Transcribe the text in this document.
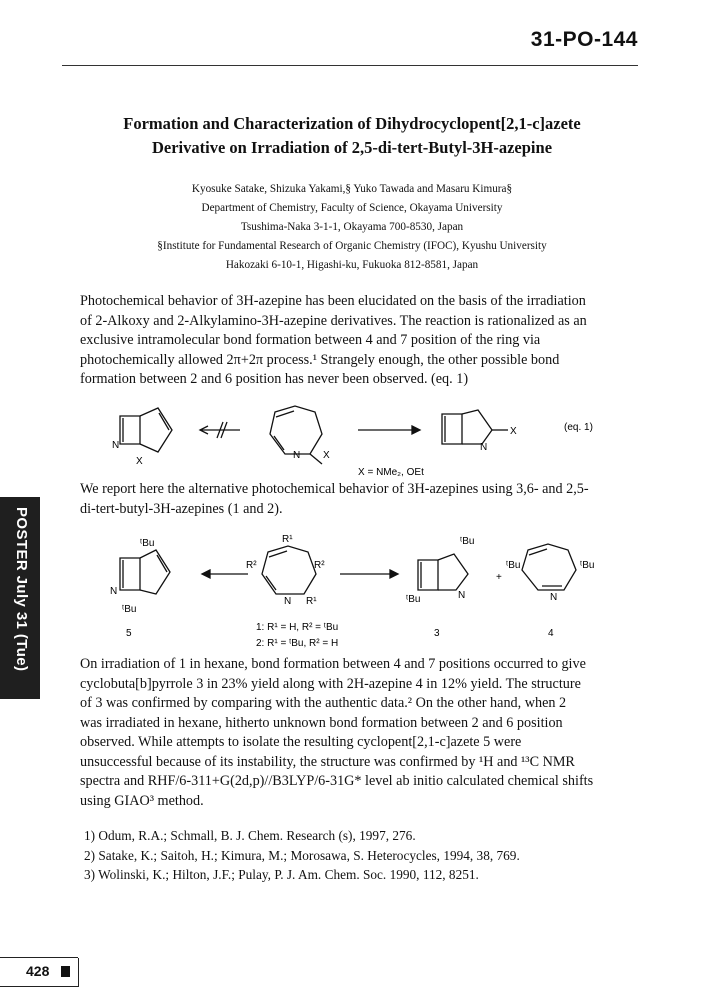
31-PO-144
Formation and Characterization of Dihydrocyclopent[2,1-c]azete
Derivative on Irradiation of 2,5-di-tert-Butyl-3H-azepine
Kyosuke Satake, Shizuka Yakami,§ Yuko Tawada and Masaru Kimura§
Department of Chemistry, Faculty of Science, Okayama University
Tsushima-Naka 3-1-1, Okayama 700-8530, Japan
§Institute for Fundamental Research of Organic Chemistry (IFOC), Kyushu University
Hakozaki 6-10-1, Higashi-ku, Fukuoka 812-8581, Japan
Photochemical behavior of 3H-azepine has been elucidated on the basis of the irradiation
of 2-Alkoxy and 2-Alkylamino-3H-azepine derivatives. The reaction is rationalized as an
exclusive intramolecular bond formation between 4 and 7 position of the ring via
photochemically allowed 2π+2π process.¹ Strangely enough, the other possible bond
formation between 2 and 6 position has never been observed. (eq. 1)
N
X
N X
N
X	(eq. 1)
X = NMe₂, OEt
We report here the alternative photochemical behavior of 3H-azepines using 3,6- and 2,5-
di-tert-butyl-3H-azepines (1 and 2).
ᵗBu
N
ᵗBu
5
R¹
R²	R²
N R¹
1: R¹ = H, R² = ᵗBu
2: R¹ = ᵗBu, R² = H
ᵗBu
ᵗBu	N
3
+
ᵗBu	ᵗBu
N
4
On irradiation of 1 in hexane, bond formation between 4 and 7 positions occurred to give
cyclobuta[b]pyrrole 3 in 23% yield along with 2H-azepine 4 in 12% yield. The structure
of 3 was confirmed by comparing with the authentic data.² On the other hand, when 2
was irradiated in hexane, hitherto unknown bond formation between 2 and 6 position
observed. While attempts to isolate the resulting cyclopent[2,1-c]azete 5 were
unsuccessful because of its instability, the structure was confirmed by ¹H and ¹³C NMR
spectra and RHF/6-311+G(2d,p)//B3LYP/6-31G* level ab initio calculated chemical shifts
using GIAO³ method.
1) Odum, R.A.; Schmall, B. J. Chem. Research (s), 1997, 276.
2) Satake, K.; Saitoh, H.; Kimura, M.; Morosawa, S. Heterocycles, 1994, 38, 769.
3) Wolinski, K.; Hilton, J.F.; Pulay, P. J. Am. Chem. Soc. 1990, 112, 8251.
POSTER July 31 (Tue)
428
